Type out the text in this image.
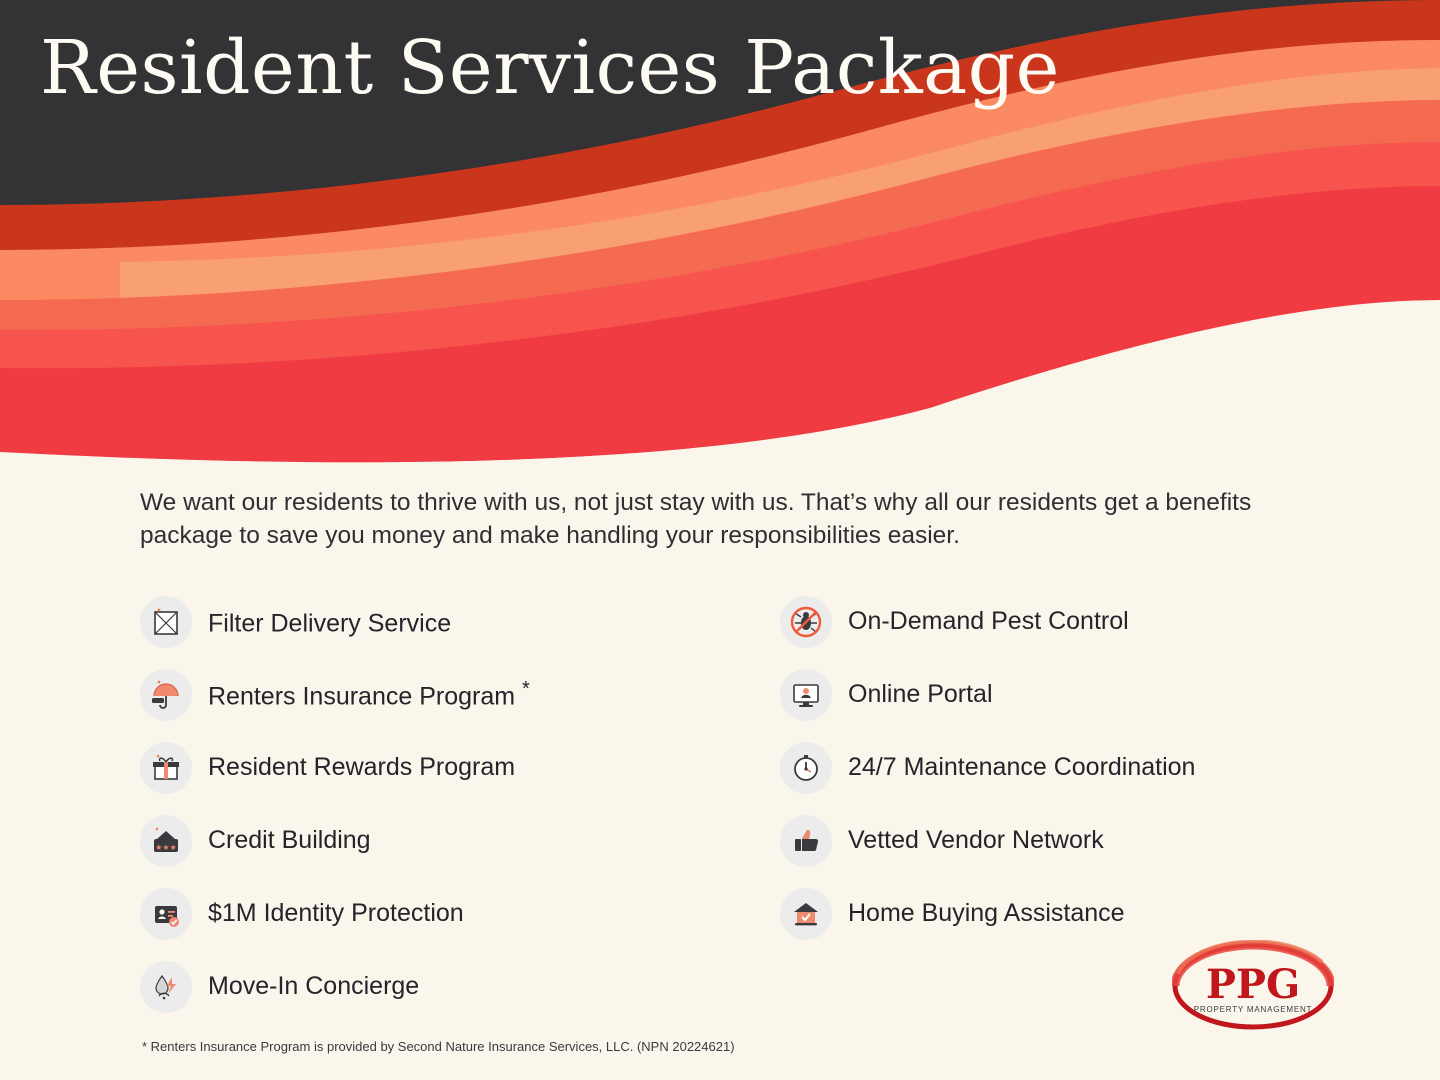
Resident Services Package
We want our residents to thrive with us, not just stay with us. That’s why all our residents get a benefits package to save you money and make handling your responsibilities easier.
Filter Delivery Service
Renters Insurance Program *
Resident Rewards Program
★★★ Credit Building
$1M Identity Protection
Move-In Concierge
On-Demand Pest Control
Online Portal
24/7 Maintenance Coordination
Vetted Vendor Network
Home Buying Assistance
* Renters Insurance Program is provided by Second Nature Insurance Services, LLC. (NPN 20224621)
PPG
PROPERTY MANAGEMENT
